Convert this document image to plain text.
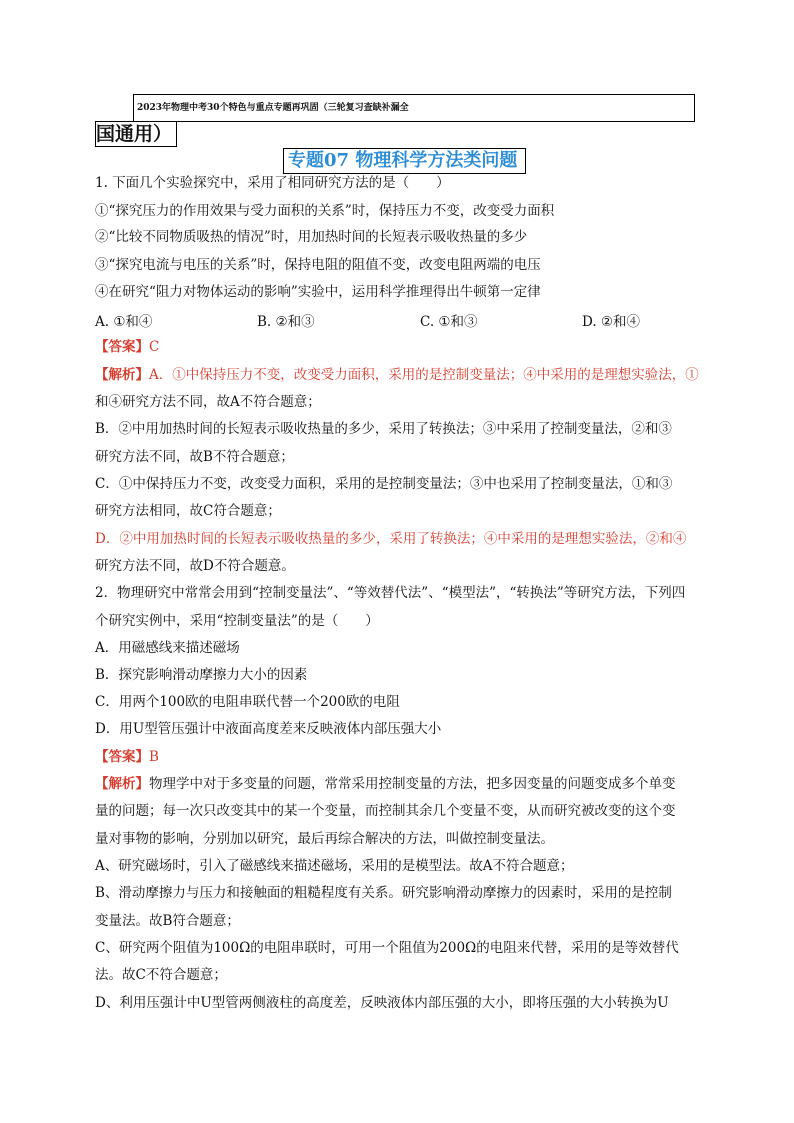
2023年物理中考30个特色与重点专题再巩固（三轮复习查缺补漏全
国通用）
专题07 物理科学方法类问题
1. 下面几个实验探究中，采用了相同研究方法的是（　　）
①“探究压力的作用效果与受力面积的关系”时，保持压力不变，改变受力面积
②“比较不同物质吸热的情况”时，用加热时间的长短表示吸收热量的多少
③“探究电流与电压的关系”时，保持电阻的阻值不变，改变电阻两端的电压
④在研究“阻力对物体运动的影响”实验中，运用科学推理得出牛顿第一定律
A. ①和④	B. ②和③	C. ①和③	D. ②和④
【答案】C
【解析】A．①中保持压力不变，改变受力面积，采用的是控制变量法；④中采用的是理想实验法，①
和④研究方法不同，故A不符合题意；
B．②中用加热时间的长短表示吸收热量的多少，采用了转换法；③中采用了控制变量法，②和③
研究方法不同，故B不符合题意；
C．①中保持压力不变，改变受力面积，采用的是控制变量法；③中也采用了控制变量法，①和③
研究方法相同，故C符合题意；
D．②中用加热时间的长短表示吸收热量的多少，采用了转换法；④中采用的是理想实验法，②和④
研究方法不同，故D不符合题意。
2．物理研究中常常会用到“控制变量法”、“等效替代法”、“模型法”，“转换法”等研究方法，下列四
个研究实例中，采用“控制变量法”的是（　　）
A．用磁感线来描述磁场
B．探究影响滑动摩擦力大小的因素
C．用两个100欧的电阻串联代替一个200欧的电阻
D．用U型管压强计中液面高度差来反映液体内部压强大小
【答案】B
【解析】物理学中对于多变量的问题，常常采用控制变量的方法，把多因变量的问题变成多个单变
量的问题；每一次只改变其中的某一个变量，而控制其余几个变量不变，从而研究被改变的这个变
量对事物的影响，分别加以研究，最后再综合解决的方法，叫做控制变量法。
A、研究磁场时，引入了磁感线来描述磁场，采用的是模型法。故A不符合题意；
B、滑动摩擦力与压力和接触面的粗糙程度有关系。研究影响滑动摩擦力的因素时，采用的是控制
变量法。故B符合题意；
C、研究两个阻值为100Ω的电阻串联时，可用一个阻值为200Ω的电阻来代替，采用的是等效替代
法。故C不符合题意；
D、利用压强计中U型管两侧液柱的高度差，反映液体内部压强的大小，即将压强的大小转换为U
